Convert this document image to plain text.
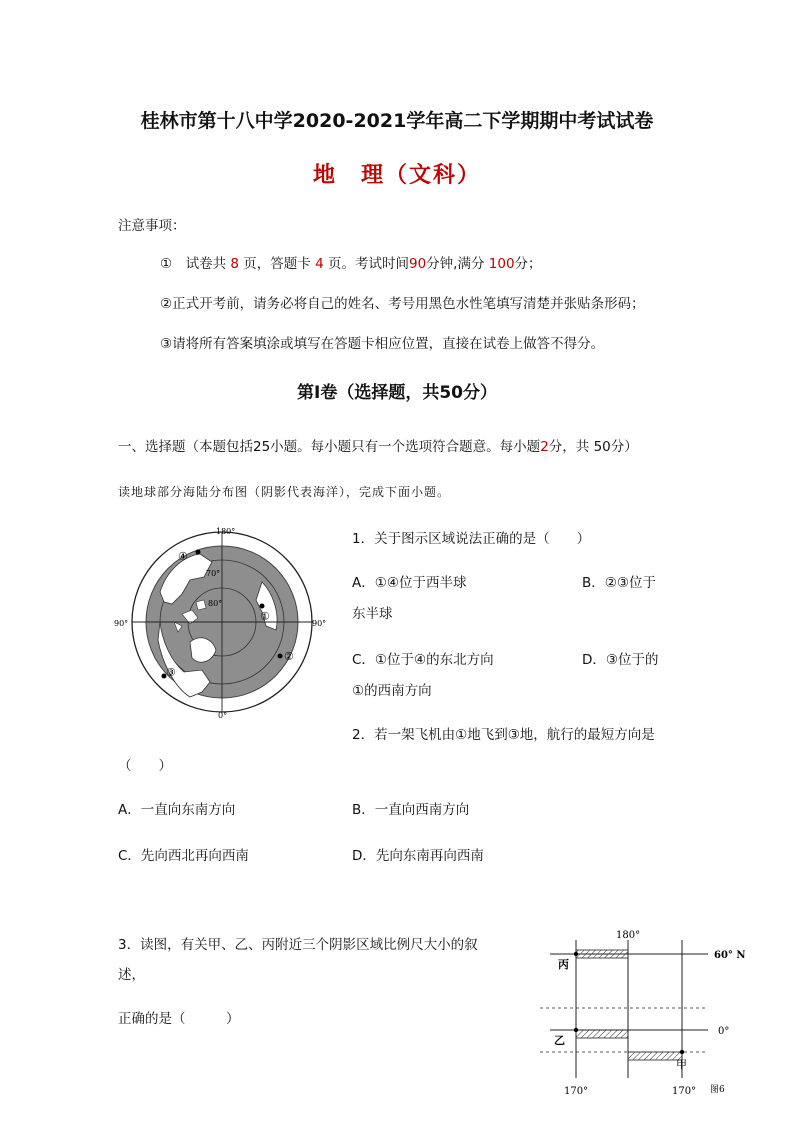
桂林市第十八中学2020-2021学年高二下学期期中考试试卷
地　理（文科）
注意事项：
①　试卷共 8 页，答题卡 4 页。考试时间90分钟,满分 100分；
②正式开考前，请务必将自己的姓名、考号用黑色水性笔填写清楚并张贴条形码；
③请将所有答案填涂或填写在答题卡相应位置，直接在试卷上做答不得分。
第I卷（选择题，共50分）
一、选择题（本题包括25小题。每小题只有一个选项符合题意。每小题2分，共 50分）
读地球部分海陆分布图（阴影代表海洋），完成下面小题。
180°
0°
90°	90°
70°
80°
①
②
③
④
1．关于图示区域说法正确的是（　　）
A．①④位于西半球	B．②③位于
东半球
C．①位于④的东北方向	D．③位于的
①的西南方向
2．若一架飞机由①地飞到③地，航行的最短方向是
（　　）
A．一直向东南方向	B．一直向西南方向
C．先向西北再向西南	D．先向东南再向西南
3．读图，有关甲、乙、丙附近三个阴影区域比例尺大小的叙
述，
正确的是（　　　）
180°
60° N
0°
170°	170°
丙
乙
甲
图6
